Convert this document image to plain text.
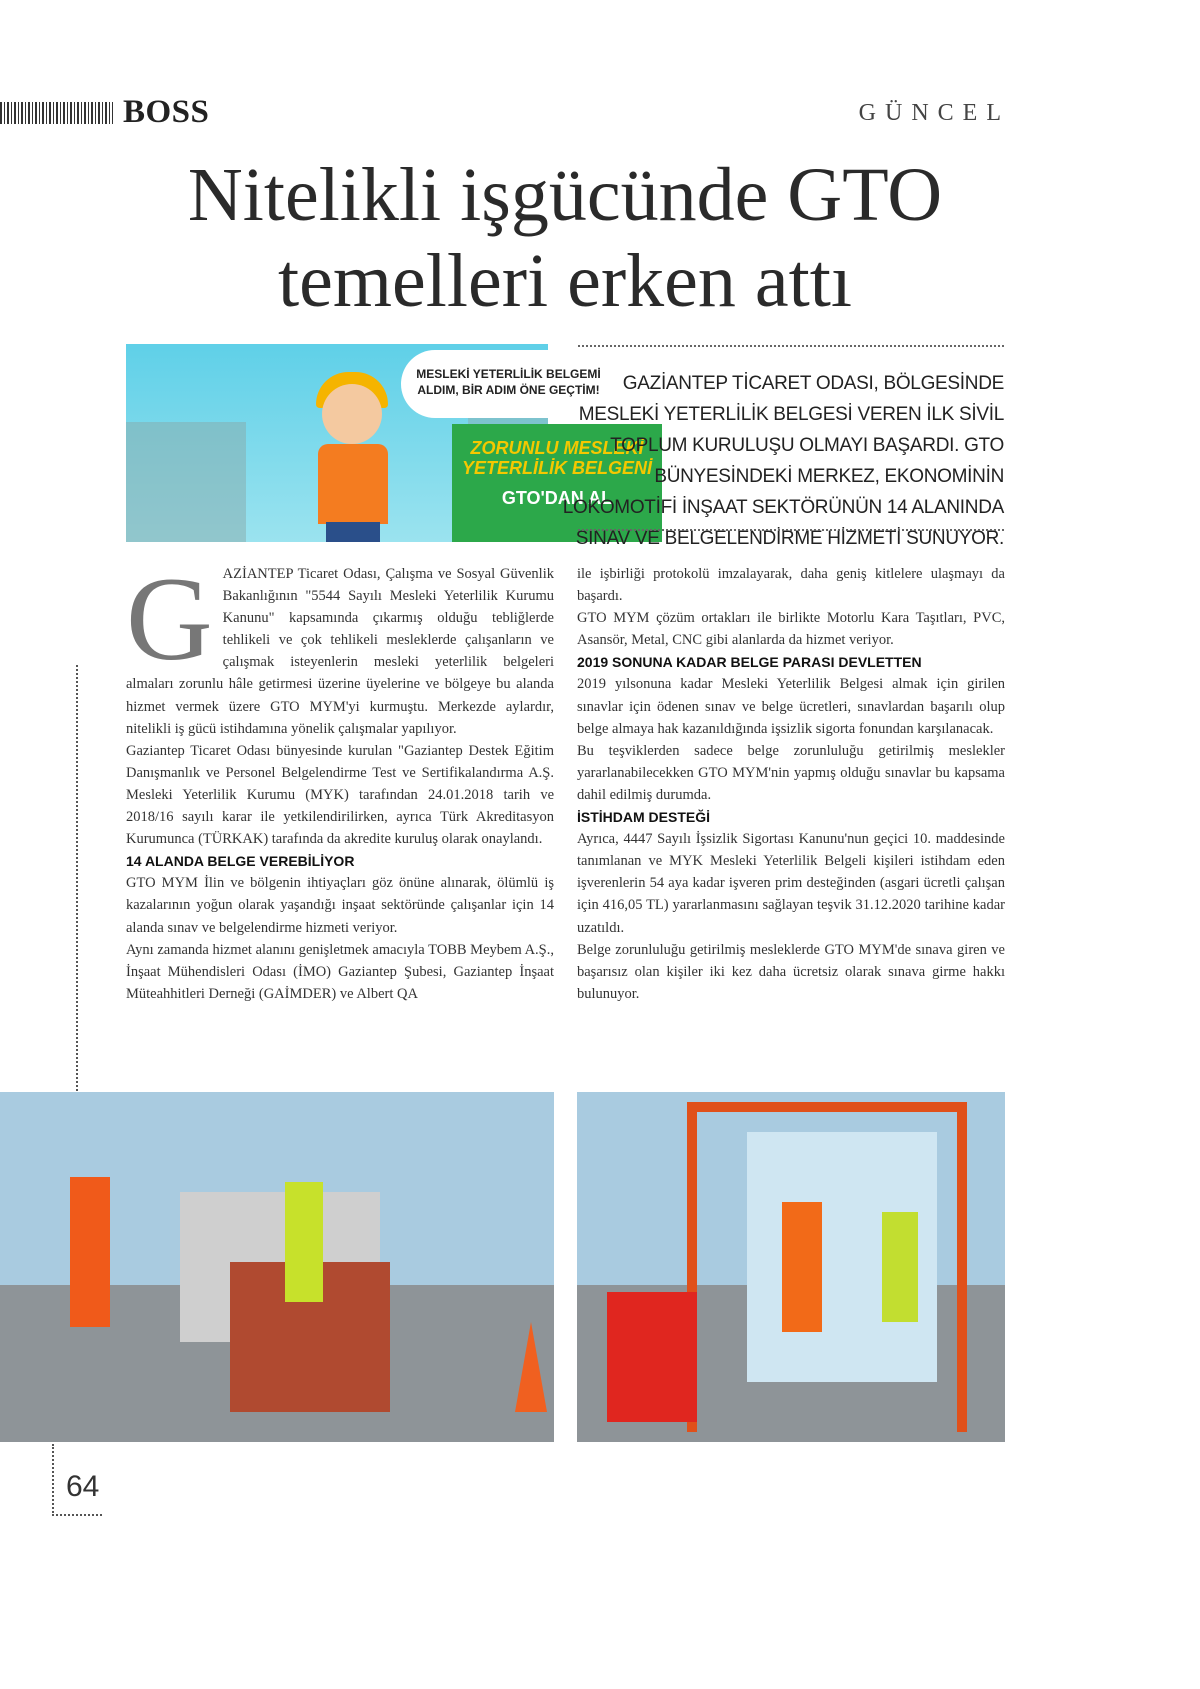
BOSS	GÜNCEL
Nitelikli işgücünde GTO
temelleri erken attı
MESLEKİ YETERLİLİK BELGEMİ
ALDIM, BİR ADIM ÖNE GEÇTİM!
ZORUNLU MESLEKİ
YETERLİLİK BELGENİ
GTO'DAN AL

GAZİANTEP TİCARET ODASI, BÖLGESİNDE MESLEKİ YETERLİLİK BELGESİ VEREN İLK SİVİL TOPLUM KURULUŞU OLMAYI BAŞARDI. GTO BÜNYESİNDEKİ MERKEZ, EKONOMİNİN LOKOMOTİFİ İNŞAAT SEKTÖRÜNÜN 14 ALANINDA SINAV VE BELGELENDİRME HİZMETİ SUNUYOR.

G AZİANTEP Ticaret Odası, Çalışma ve Sosyal Güvenlik Bakanlığının "5544 Sayılı Mesleki Yeterlilik Kurumu Kanunu" kapsamında çıkarmış olduğu tebliğlerde tehlikeli ve çok tehlikeli mesleklerde çalışanların ve çalışmak isteyenlerin mesleki yeterlilik belgeleri almaları zorunlu hâle getirmesi üzerine üyelerine ve bölgeye bu alanda hizmet vermek üzere GTO MYM'yi kurmuştu. Merkezde aylardır, nitelikli iş gücü istihdamına yönelik çalışmalar yapılıyor.

Gaziantep Ticaret Odası bünyesinde kurulan "Gaziantep Destek Eğitim Danışmanlık ve Personel Belgelendirme Test ve Sertifikalandırma A.Ş. Mesleki Yeterlilik Kurumu (MYK) tarafından 24.01.2018 tarih ve 2018/16 sayılı karar ile yetkilendirilirken, ayrıca Türk Akreditasyon Kurumunca (TÜRKAK) tarafında da akredite kuruluş olarak onaylandı.

14 ALANDA BELGE VEREBİLİYOR

GTO MYM İlin ve bölgenin ihtiyaçları göz önüne alınarak, ölümlü iş kazalarının yoğun olarak yaşandığı inşaat sektöründe çalışanlar için 14 alanda sınav ve belgelendirme hizmeti veriyor.

Aynı zamanda hizmet alanını genişletmek amacıyla TOBB Meybem A.Ş., İnşaat Mühendisleri Odası (İMO) Gaziantep Şubesi, Gaziantep İnşaat Müteahhitleri Derneği (GAİMDER) ve Albert QA

ile işbirliği protokolü imzalayarak, daha geniş kitlelere ulaşmayı da başardı.

GTO MYM çözüm ortakları ile birlikte Motorlu Kara Taşıtları, PVC, Asansör, Metal, CNC gibi alanlarda da hizmet veriyor.

2019 SONUNA KADAR BELGE PARASI DEVLETTEN

2019 yılsonuna kadar Mesleki Yeterlilik Belgesi almak için girilen sınavlar için ödenen sınav ve belge ücretleri, sınavlardan başarılı olup belge almaya hak kazanıldığında işsizlik sigorta fonundan karşılanacak.

Bu teşviklerden sadece belge zorunluluğu getirilmiş meslekler yararlanabilecekken GTO MYM'nin yapmış olduğu sınavlar bu kapsama dahil edilmiş durumda.

İSTİHDAM DESTEĞİ

Ayrıca, 4447 Sayılı İşsizlik Sigortası Kanunu'nun geçici 10. maddesinde tanımlanan ve MYK Mesleki Yeterlilik Belgeli kişileri istihdam eden işverenlerin 54 aya kadar işveren prim desteğinden (asgari ücretli çalışan için 416,05 TL) yararlanmasını sağlayan teşvik 31.12.2020 tarihine kadar uzatıldı.

Belge zorunluluğu getirilmiş mesleklerde GTO MYM'de sınava giren ve başarısız olan kişiler iki kez daha ücretsiz olarak sınava girme hakkı bulunuyor.

64
